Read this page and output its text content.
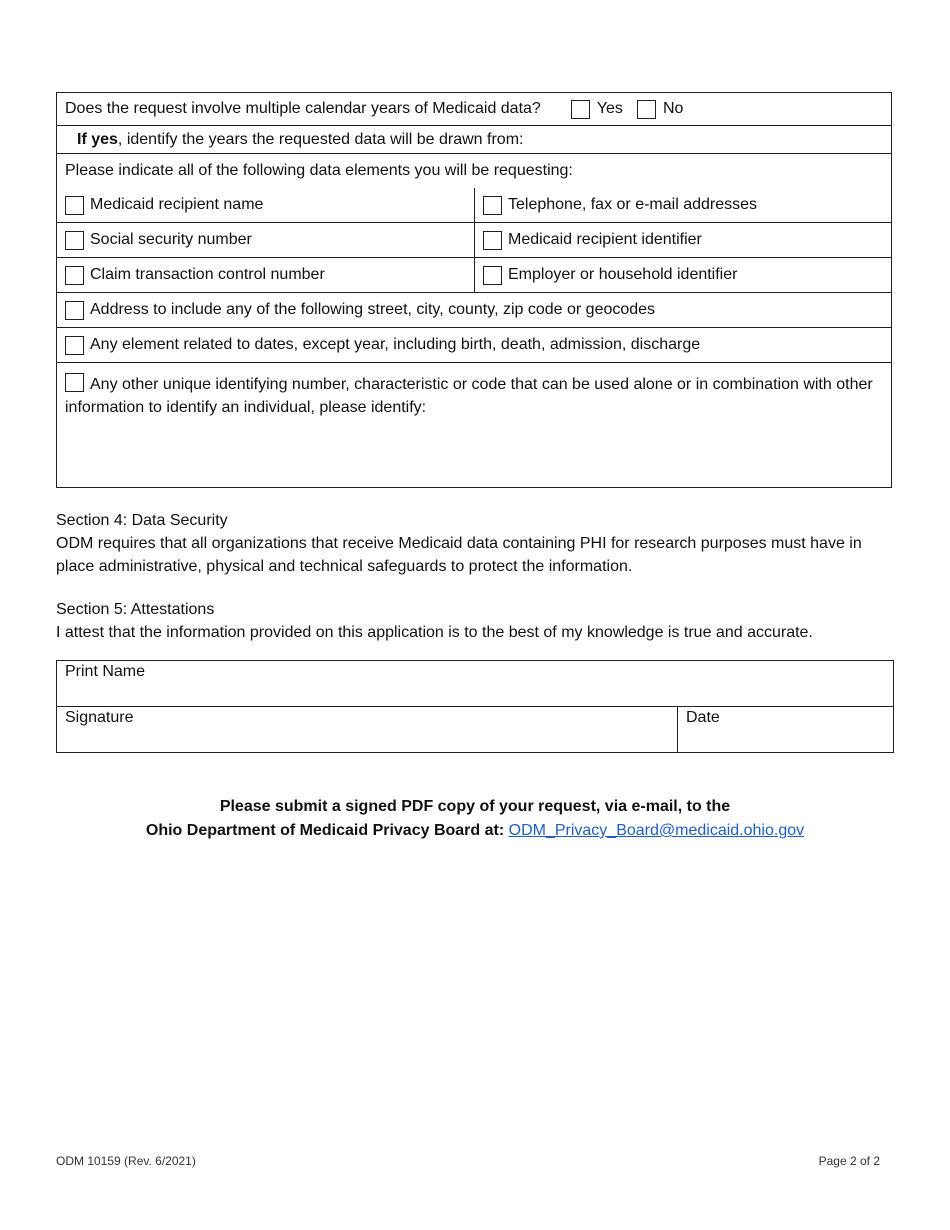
Does the request involve multiple calendar years of Medicaid data?	Yes	No
If yes, identify the years the requested data will be drawn from:
Please indicate all of the following data elements you will be requesting:
Medicaid recipient name	Telephone, fax or e-mail addresses
Social security number	Medicaid recipient identifier
Claim transaction control number	Employer or household identifier
Address to include any of the following street, city, county, zip code or geocodes
Any element related to dates, except year, including birth, death, admission, discharge
Any other unique identifying number, characteristic or code that can be used alone or in combination with other information to identify an individual, please identify:
Section 4: Data Security
ODM requires that all organizations that receive Medicaid data containing PHI for research purposes must have in place administrative, physical and technical safeguards to protect the information.
Section 5: Attestations
I attest that the information provided on this application is to the best of my knowledge is true and accurate.
Print Name
Signature	Date
Please submit a signed PDF copy of your request, via e-mail, to the
Ohio Department of Medicaid Privacy Board at: ODM_Privacy_Board@medicaid.ohio.gov
ODM 10159 (Rev. 6/2021)	Page 2 of 2
